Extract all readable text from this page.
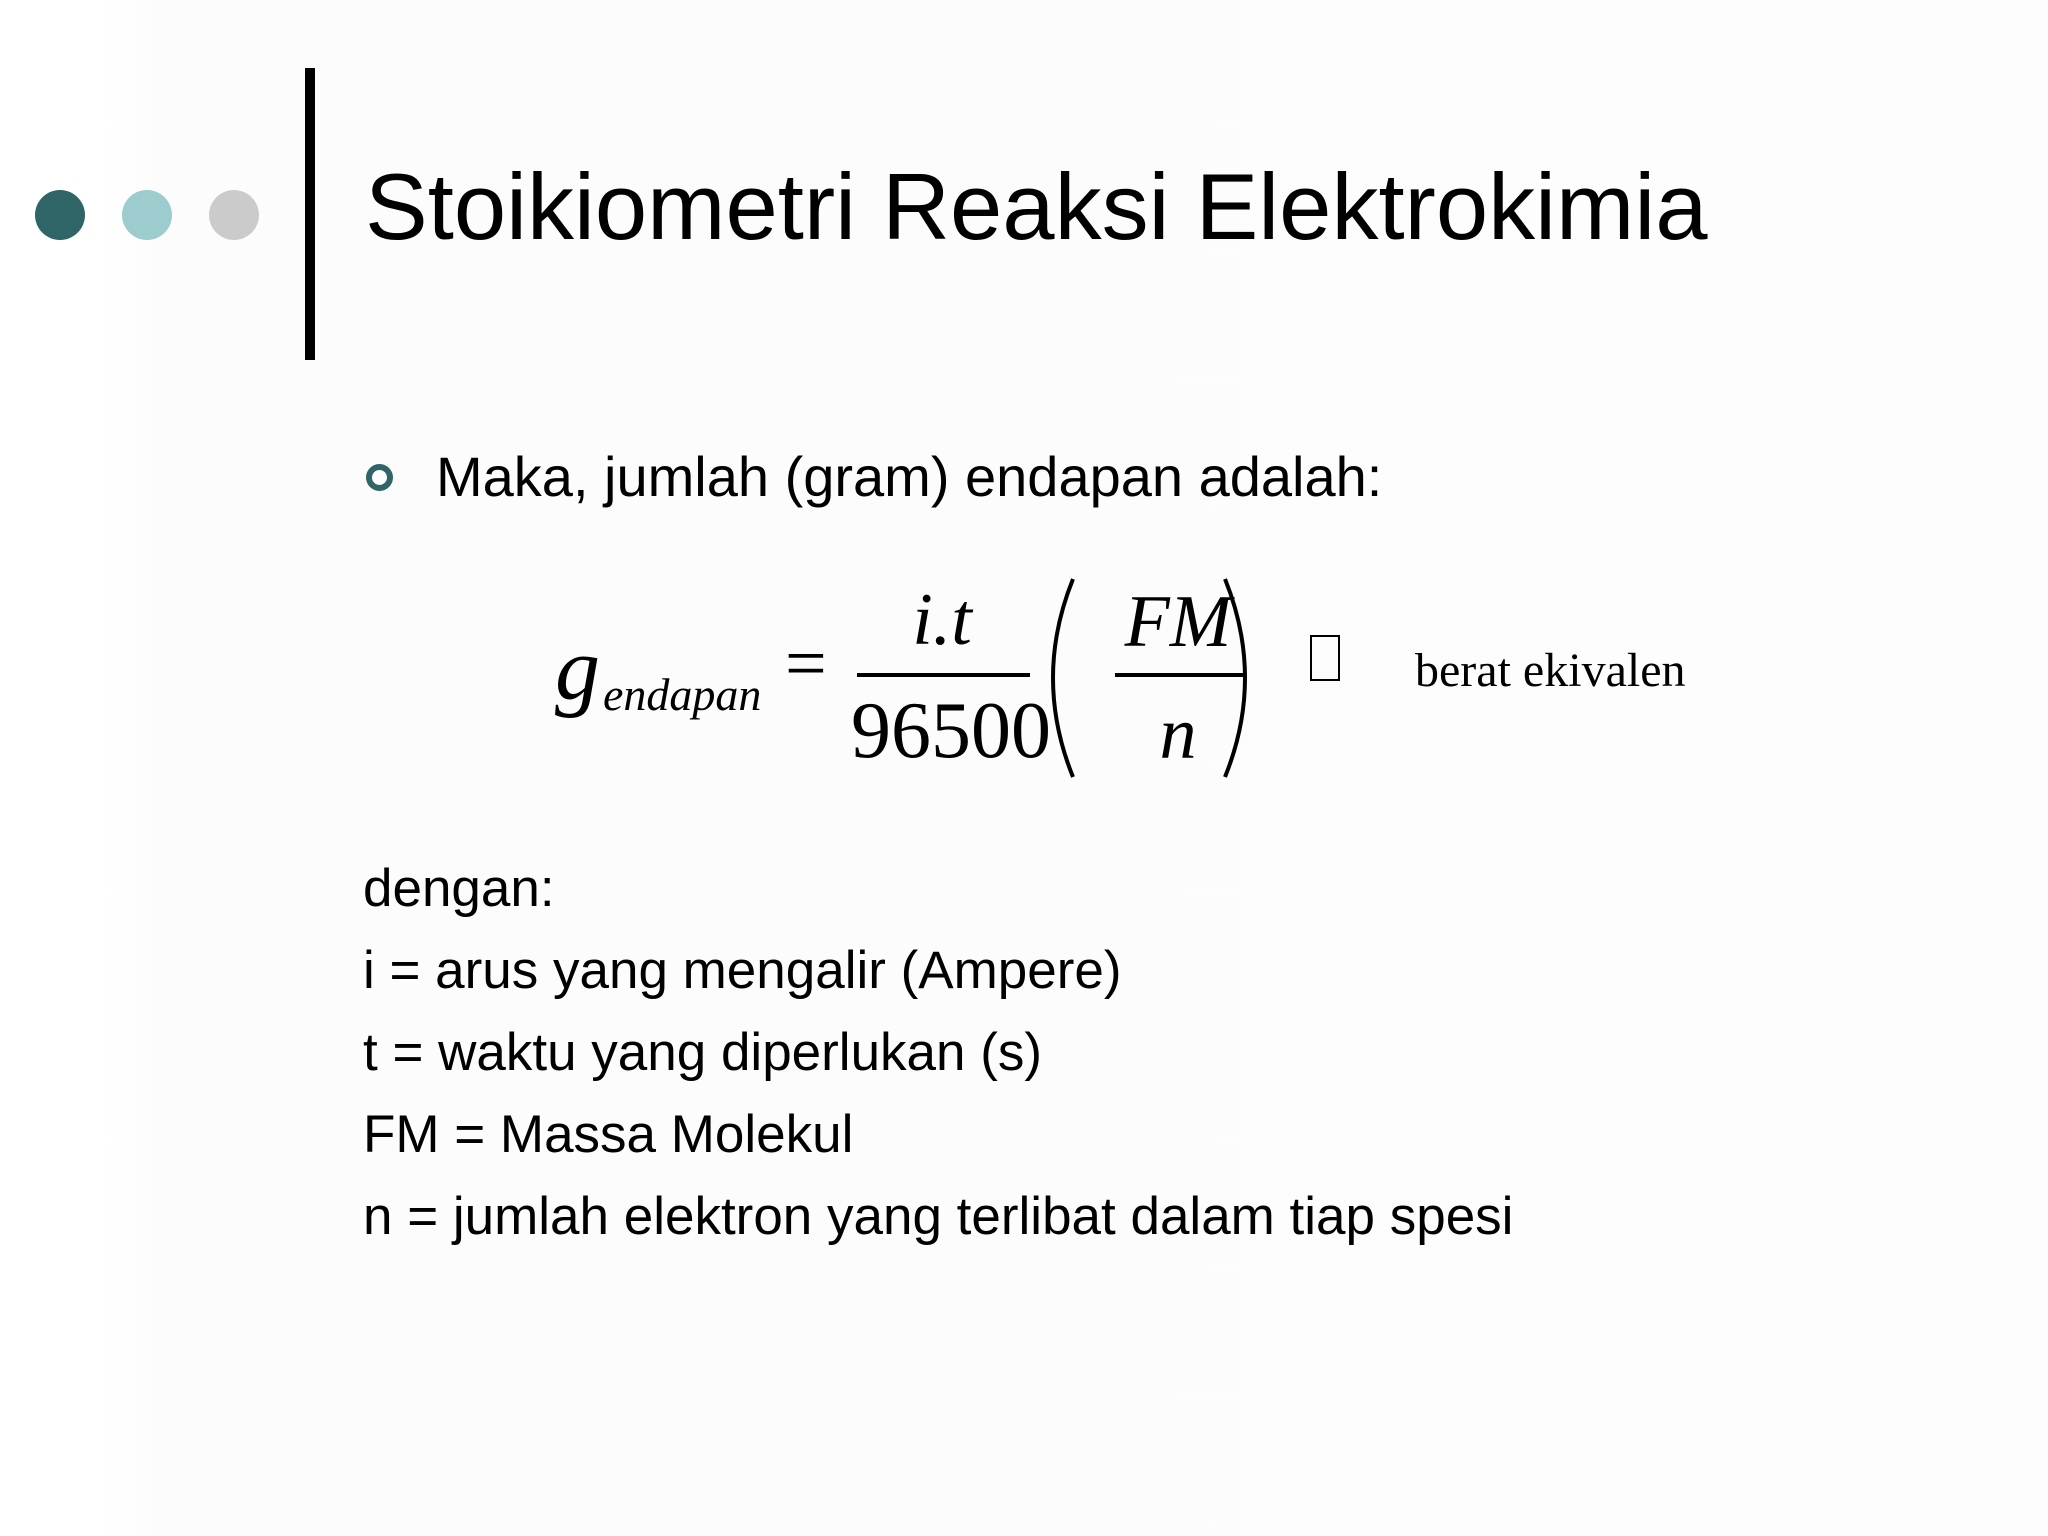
Stoikiometri Reaksi Elektrokimia
Maka, jumlah (gram) endapan adalah:
g endapan =
i.t
96500
FM
n
berat ekivalen
dengan:
i = arus yang mengalir (Ampere)
t = waktu yang diperlukan (s)
FM = Massa Molekul
n = jumlah elektron yang terlibat dalam tiap spesi
